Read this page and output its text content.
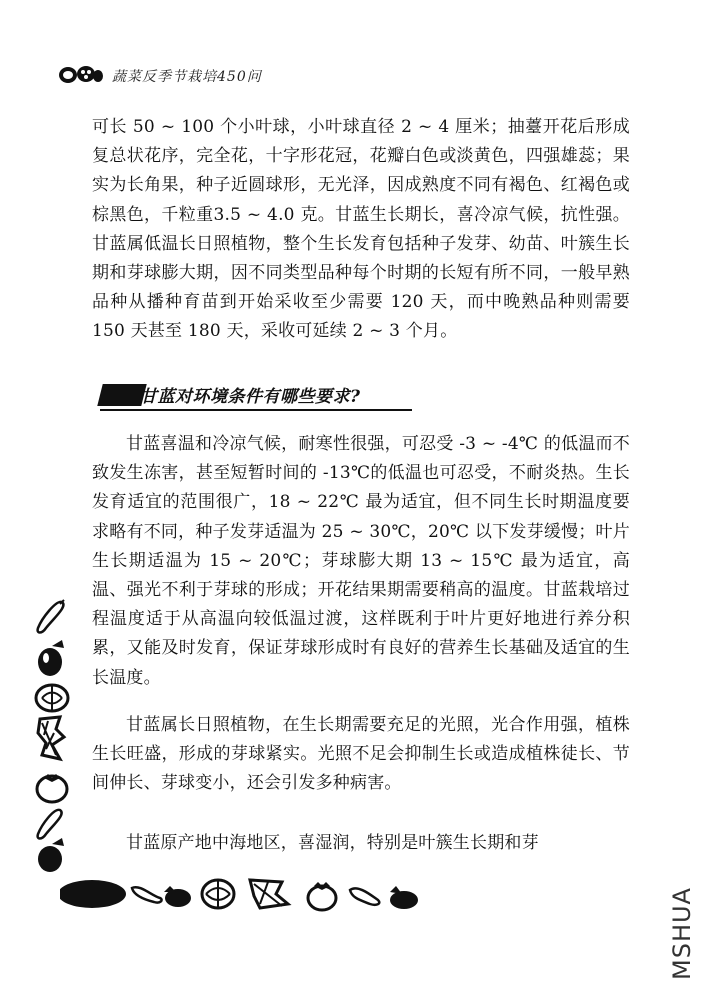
蔬菜反季节栽培450问
可长 50 ~ 100 个小叶球，小叶球直径 2 ~ 4 厘米；抽薹开花后形成复总状花序，完全花，十字形花冠，花瓣白色或淡黄色，四强雄蕊；果实为长角果，种子近圆球形，无光泽，因成熟度不同有褐色、红褐色或棕黑色，千粒重3.5 ~ 4.0 克。甘蓝生长期长，喜冷凉气候，抗性强。甘蓝属低温长日照植物，整个生长发育包括种子发芽、幼苗、叶簇生长期和芽球膨大期，因不同类型品种每个时期的长短有所不同，一般早熟品种从播种育苗到开始采收至少需要 120 天，而中晚熟品种则需要 150 天甚至 180 天，采收可延续 2 ~ 3 个月。
甘蓝对环境条件有哪些要求?
甘蓝喜温和冷凉气候，耐寒性很强，可忍受 -3 ~ -4℃ 的低温而不致发生冻害，甚至短暂时间的 -13℃的低温也可忍受，不耐炎热。生长发育适宜的范围很广，18 ~ 22℃ 最为适宜，但不同生长时期温度要求略有不同，种子发芽适温为 25 ~ 30℃，20℃ 以下发芽缓慢；叶片生长期适温为 15 ~ 20℃；芽球膨大期 13 ~ 15℃ 最为适宜，高温、强光不利于芽球的形成；开花结果期需要稍高的温度。甘蓝栽培过程温度适于从高温向较低温过渡，这样既利于叶片更好地进行养分积累，又能及时发育，保证芽球形成时有良好的营养生长基础及适宜的生长温度。
甘蓝属长日照植物，在生长期需要充足的光照，光合作用强，植株生长旺盛，形成的芽球紧实。光照不足会抑制生长或造成植株徒长、节间伸长、芽球变小，还会引发多种病害。
甘蓝原产地中海地区，喜湿润，特别是叶簇生长期和芽
MSHUA
